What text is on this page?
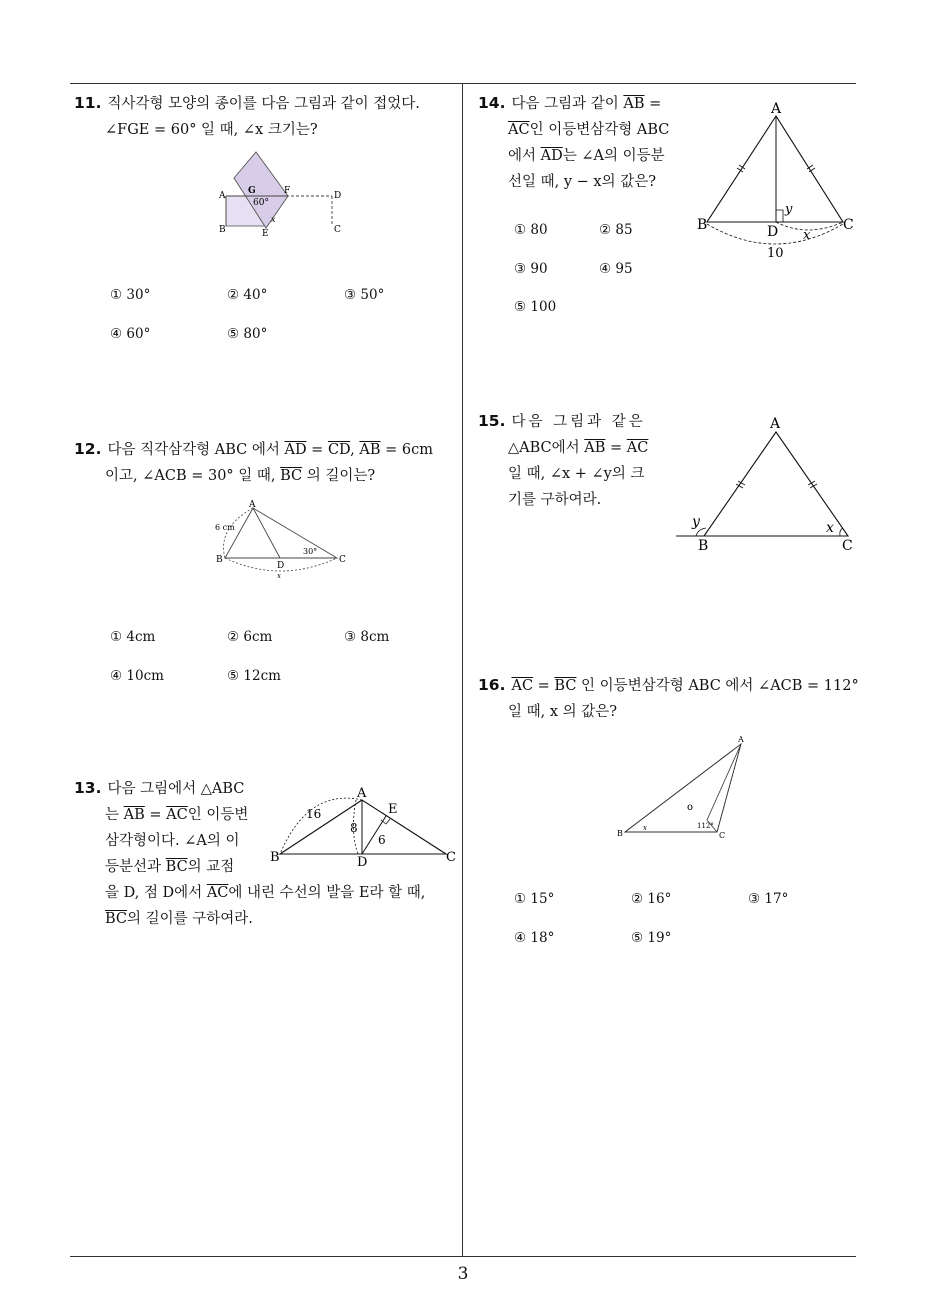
11. 직사각형 모양의 종이를 다음 그림과 같이 접었다.
∠FGE = 60° 일 때, ∠x 크기는?
A
B	C
D
E
F
G
60°
x
① 30°	② 40°	③ 50°
④ 60°	⑤ 80°
12. 다음 직각삼각형 ABC 에서 $\overline{AD} = \overline{CD}$, $\overline{AB} = 6cm$
이고, ∠ACB = 30° 일 때, $\overline{BC}$ 의 길이는?
A
B	C
D
6 cm
30°
x
① 4cm	② 6cm	③ 8cm
④ 10cm	⑤ 12cm
13. 다음 그림에서 △ABC
는 $\overline{AB} = \overline{AC}$인 이등변
삼각형이다. ∠A의 이
등분선과 $\overline{BC}$의 교점
을 D, 점 D에서 $\overline{AC}$에 내린 수선의 발을 E라 할 때,
$\overline{BC}$의 길이를 구하여라.
A
B	C
D
E
16
8
6
14. 다음 그림과 같이 $\overline{AB}$ =
$\overline{AC}$인 이등변삼각형 ABC
에서 $\overline{AD}$는 ∠A의 이등분
선일 때, y − x의 값은?
A
B	C
D x
y
10
① 80	② 85
③ 90	④ 95
⑤ 100
15. 다음 그림과 같은
△ABC에서 $\overline{AB} = \overline{AC}$
일 때, ∠x + ∠y의 크
기를 구하여라.
A
B	C
y	x
16. $\overline{AC} = \overline{BC}$ 인 이등변삼각형 ABC 에서 ∠ACB = 112°
일 때, x 의 값은?
A
B	C
o
112°
x
① 15°	② 16°	③ 17°
④ 18°	⑤ 19°
3
